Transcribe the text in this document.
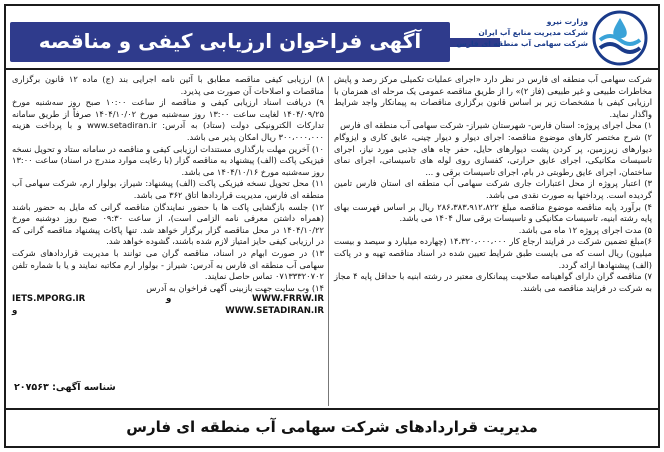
آگهی فراخوان ارزیابی کیفی و مناقصه
وزارت نیرو
شرکت مدیریت منابع آب ایران
شرکت سهامی آب منطقه ای فارس

شرکت سهامی آب منطقه ای فارس در نظر دارد «اجرای عملیات تکمیلی مرکز رصد و پایش مخاطرات طبیعی و غیر طبیعی (فاز ۲)» را از طریق مناقصه عمومی یک مرحله ای همزمان با ارزیابی کیفی با مشخصات زیر بر اساس قانون برگزاری مناقصات به پیمانکار واجد شرایط واگذار نماید.

۱) محل اجرای پروژه: استان فارس- شهرستان شیراز- شرکت سهامی آب منطقه ای فارس

۲) شرح مختصر کارهای موضوع مناقصه: اجرای دیوار و دیوار چینی، عایق کاری و ایزوگام دیوارهای زیرزمین، پر کردن پشت دیوارهای حایل، حفر چاه های جذبی مورد نیاز، اجرای تاسیسات مکانیکی، اجرای عایق حرارتی، کفسازی روی لوله های تاسیساتی، اجرای نمای ساختمان، اجرای عایق رطوبتی در بام، اجرای تاسیسات برقی و ...

۳) اعتبار پروژه از محل اعتبارات جاری شرکت سهامی آب منطقه ای استان فارس تامین گردیده است. پرداختها به صورت نقدی می باشد.

۴) برآورد پایه مناقصه موضوع مناقصه مبلغ ۲۸۶،۳۸۳،۹۱۲،۸۲۲ ریال بر اساس فهرست بهای پایه رشته ابنیه، تاسیسات مکانیکی و تاسیسات برقی سال ۱۴۰۴ می باشد.

۵) مدت اجرای پروژه ۱۲ ماه می باشد.

۶)مبلغ تضمین شرکت در فرایند ارجاع کار ۱۴،۳۲۰،۰۰۰،۰۰۰ (چهارده میلیارد و سیصد و بیست میلیون) ریال است که می بایست طبق شرایط تعیین شده در اسناد مناقصه تهیه و در پاکت (الف) پیشنهادها ارائه گردد.

۷) مناقصه گران دارای گواهینامه صلاحیت پیمانکاری معتبر در رشته ابنیه با حداقل پایه ۴ مجاز به شرکت در فرایند مناقصه می باشند.

۸) ارزیابی کیفی مناقصه مطابق با آئین نامه اجرایی بند (ج) ماده ۱۲ قانون برگزاری مناقصات و اصلاحات آن صورت می پذیرد.

۹) دریافت اسناد ارزیابی کیفی و مناقصه از ساعت ۱۰:۰۰ صبح روز سه‌شنبه مورخ ۱۴۰۴/۰۹/۲۵ لغایت ساعت ۱۳:۰۰ روز سه‌شنبه مورخ ۱۴۰۴/۱۰/۰۲ صرفاً از طریق سامانه تدارکات الکترونیکی دولت (ستاد) به آدرس: www.setadiran.ir و با پرداخت هزینه ۳۰۰،۰۰۰،۰۰۰ ریال امکان پذیر می باشد.

۱۰) آخرین مهلت بارگذاری مستندات ارزیابی کیفی و مناقصه در سامانه ستاد و تحویل نسخه فیزیکی پاکت (الف) پیشنهاد به مناقصه گزار (با رعایت موارد مندرج در اسناد) ساعت ۱۳:۰۰ روز سه‌شنبه مورخ ۱۴۰۴/۱۰/۱۶ می باشد.

۱۱) محل تحویل نسخه فیزیکی پاکت (الف) پیشنهاد: شیراز، بولوار ارم، شرکت سهامی آب منطقه ای فارس، مدیریت قراردادها اتاق ۳۶۲ می باشد.

۱۲) جلسه بازگشایی پاکت ها با حضور نمایندگان مناقصه گرانی که مایل به حضور باشند (همراه داشتن معرفی نامه الزامی است)، از ساعت ۰۹:۳۰ صبح روز دوشنبه مورخ ۱۴۰۴/۱۰/۲۲ در محل مناقصه گزار برگزار خواهد شد. تنها پاکات پیشنهاد مناقصه گرانی که در ارزیابی کیفی حایز امتیاز لازم شده باشند، گشوده خواهد شد.

۱۳) در صورت ابهام در اسناد، مناقصه گران می توانند با مدیریت قراردادهای شرکت سهامی آب منطقه ای فارس به آدرس: شیراز - بولوار ارم مکاتبه نمایند و یا با شماره تلفن ۰۷۱۳۳۳۲۰۷۰۲ تماس حاصل نمایند.

۱۴) وب سایت جهت بازبینی آگهی فراخوان به آدرس

IETS.MPORG.IR	و	WWW.FRRW.IR
و	WWW.SETADIRAN.IR
شناسه آگهی: ۲۰۷۵۶۳
مدیریت قراردادهای شرکت سهامی آب منطقه ای فارس
